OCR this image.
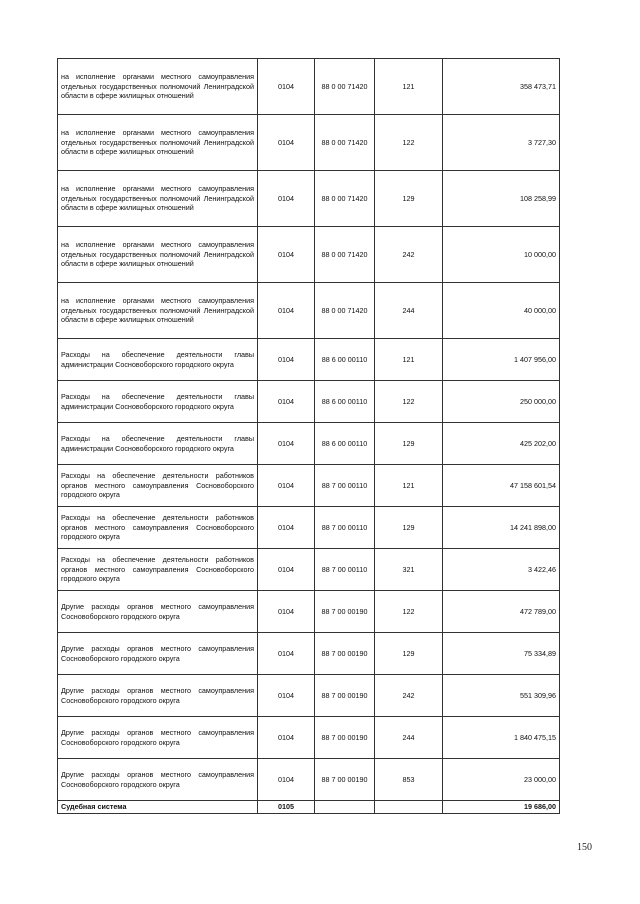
на исполнение органами местного самоуправления отдельных государственных полномочий Ленинградской области в сфере жилищных отношений	0104	88 0 00 71420	121	358 473,71
на исполнение органами местного самоуправления отдельных государственных полномочий Ленинградской области в сфере жилищных отношений	0104	88 0 00 71420	122	3 727,30
на исполнение органами местного самоуправления отдельных государственных полномочий Ленинградской области в сфере жилищных отношений	0104	88 0 00 71420	129	108 258,99
на исполнение органами местного самоуправления отдельных государственных полномочий Ленинградской области в сфере жилищных отношений	0104	88 0 00 71420	242	10 000,00
на исполнение органами местного самоуправления отдельных государственных полномочий Ленинградской области в сфере жилищных отношений	0104	88 0 00 71420	244	40 000,00
Расходы на обеспечение деятельности главы администрации Сосновоборского городского округа	0104	88 6 00 00110	121	1 407 956,00
Расходы на обеспечение деятельности главы администрации Сосновоборского городского округа	0104	88 6 00 00110	122	250 000,00
Расходы на обеспечение деятельности главы администрации Сосновоборского городского округа	0104	88 6 00 00110	129	425 202,00
Расходы на обеспечение деятельности работников органов местного самоуправления Сосновоборского городского округа	0104	88 7 00 00110	121	47 158 601,54
Расходы на обеспечение деятельности работников органов местного самоуправления Сосновоборского городского округа	0104	88 7 00 00110	129	14 241 898,00
Расходы на обеспечение деятельности работников органов местного самоуправления Сосновоборского городского округа	0104	88 7 00 00110	321	3 422,46
Другие расходы органов местного самоуправления Сосновоборского городского округа	0104	88 7 00 00190	122	472 789,00
Другие расходы органов местного самоуправления Сосновоборского городского округа	0104	88 7 00 00190	129	75 334,89
Другие расходы органов местного самоуправления Сосновоборского городского округа	0104	88 7 00 00190	242	551 309,96
Другие расходы органов местного самоуправления Сосновоборского городского округа	0104	88 7 00 00190	244	1 840 475,15
Другие расходы органов местного самоуправления Сосновоборского городского округа	0104	88 7 00 00190	853	23 000,00
Судебная система	0105			19 686,00
150
